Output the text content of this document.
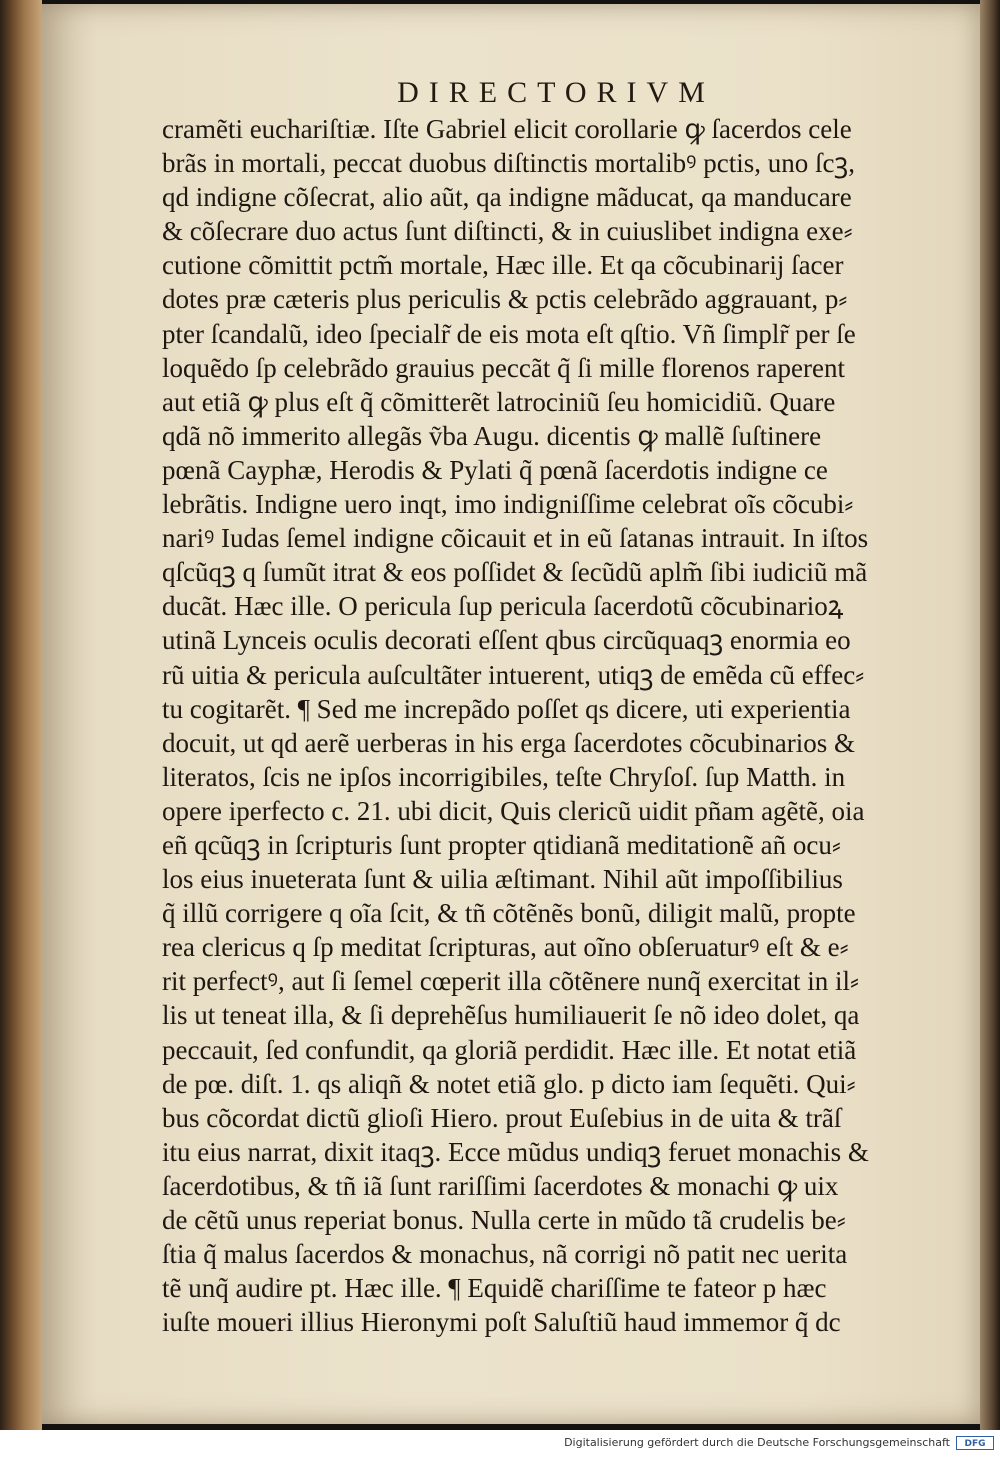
DIRECTORIVM
cramẽti euchariſtiæ. Iſte Gabriel elicit corollarie ꝙ ſacerdos cele
brãs in mortali, peccat duobus diſtinctis mortalibꝰ pctis, uno ſcꝫ,
qd indigne cõſecrat, alio aũt, qa indigne mãducat, qa manducare
& cõſecrare duo actus ſunt diſtincti, & in cuiuslibet indigna exe⸗
cutione cõmittit pctm̃ mortale, Hæc ille. Et qa cõcubinarij ſacer
dotes præ cæteris plus periculis & pctis celebrãdo aggrauant, p⸗
pter ſcandalũ, ideo ſpecialr̃ de eis mota eſt qſtio. Vñ ſimplr̃ per ſe
loquẽdo ſp celebrãdo grauius peccãt q̃ ſi mille florenos raperent
aut etiã ꝙ plus eſt q̃ cõmitterẽt latrociniũ ſeu homicidiũ. Quare
qdã nõ immerito allegãs ṽba Augu. dicentis ꝙ mallẽ ſuſtinere
pœnã Cayphæ, Herodis & Pylati q̃ pœnã ſacerdotis indigne ce
lebrãtis. Indigne uero inqt, imo indigniſſime celebrat oĩs cõcubi⸗
nariꝰ Iudas ſemel indigne cõicauit et in eũ ſatanas intrauit. In iſtos
qſcũqꝫ q ſumũt itrat & eos poſſidet & ſecũdũ aplm̃ ſibi iudiciũ mã
ducãt. Hæc ille. O pericula ſup pericula ſacerdotũ cõcubinarioꝝ
utinã Lynceis oculis decorati eſſent qbus circũquaqꝫ enormia eo
rũ uitia & pericula auſcultãter intuerent, utiqꝫ de emẽda cũ effec⸗
tu cogitarẽt. ¶ Sed me increpãdo poſſet qs dicere, uti experientia
docuit, ut qd aerẽ uerberas in his erga ſacerdotes cõcubinarios &
literatos, ſcis ne ipſos incorrigibiles, teſte Chryſoſ. ſup Matth. in
opere iperfecto c. 21. ubi dicit, Quis clericũ uidit pñam agẽtẽ, oia
eñ qcũqꝫ in ſcripturis ſunt propter qtidianã meditationẽ añ ocu⸗
los eius inueterata ſunt & uilia æſtimant. Nihil aũt impoſſibilius
q̃ illũ corrigere q oĩa ſcit, & tñ cõtẽnẽs bonũ, diligit malũ, propte
rea clericus q ſp meditat ſcripturas, aut oĩno obſeruaturꝰ eſt & e⸗
rit perfectꝰ, aut ſi ſemel cœperit illa cõtẽnere nunq̃ exercitat in il⸗
lis ut teneat illa, & ſi deprehẽſus humiliauerit ſe nõ ideo dolet, qa
peccauit, ſed confundit, qa gloriã perdidit. Hæc ille. Et notat etiã
de pœ. diſt. 1. qs aliqñ & notet etiã glo. p dicto iam ſequẽti. Qui⸗
bus cõcordat dictũ glioſi Hiero. prout Euſebius in de uita & trãſ
itu eius narrat, dixit itaqꝫ. Ecce mũdus undiqꝫ feruet monachis &
ſacerdotibus, & tñ iã ſunt rariſſimi ſacerdotes & monachi ꝙ uix
de cẽtũ unus reperiat bonus. Nulla certe in mũdo tã crudelis be⸗
ſtia q̃ malus ſacerdos & monachus, nã corrigi nõ patit nec uerita
tẽ unq̃ audire pt. Hæc ille. ¶ Equidẽ chariſſime te fateor p hæc
iuſte moueri illius Hieronymi poſt Saluſtiũ haud immemor q̃ dc
Digitalisierung gefördert durch die Deutsche Forschungsgemeinschaft	DFG
